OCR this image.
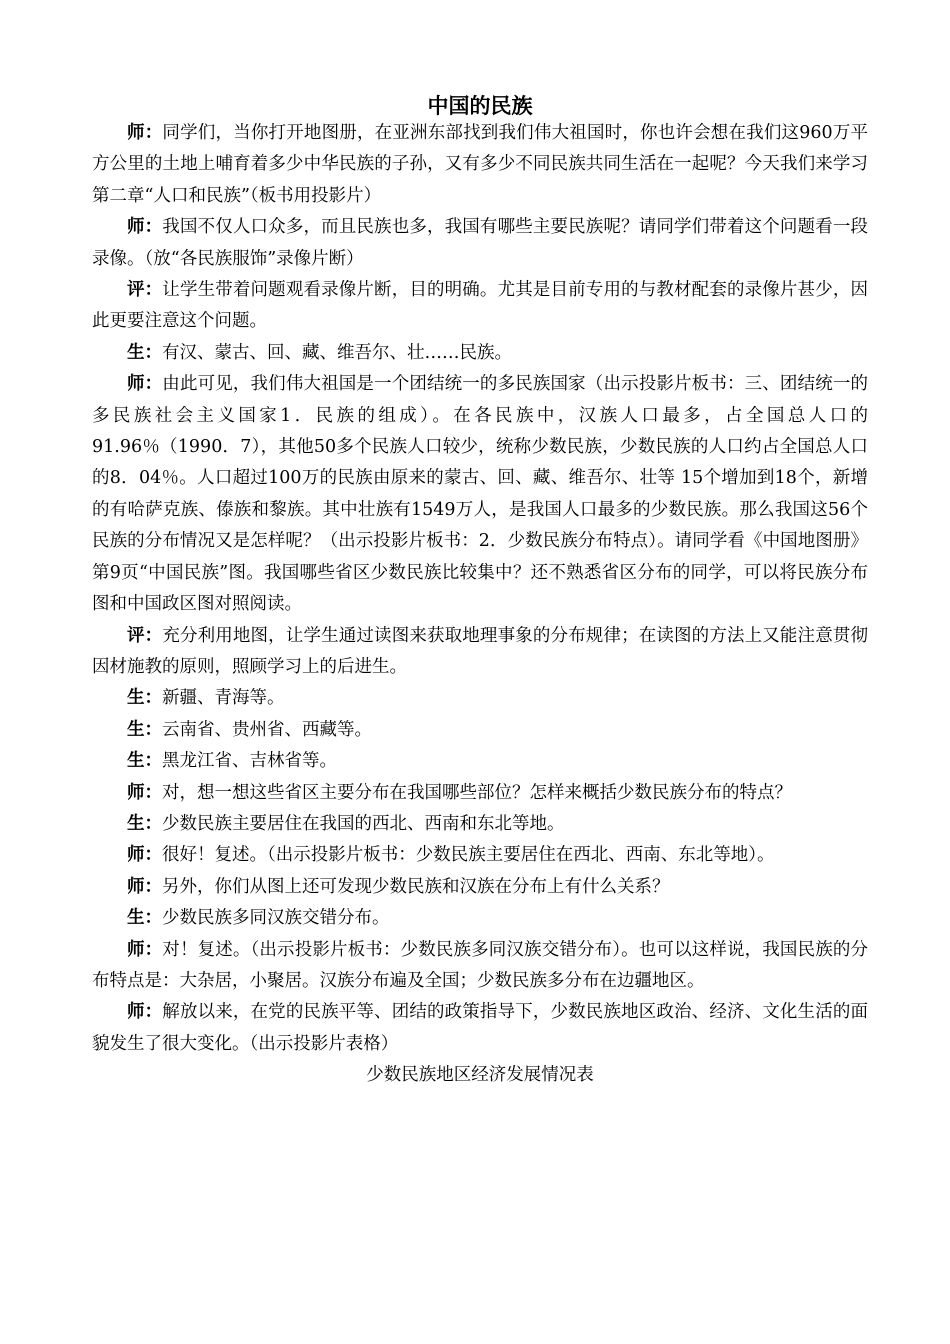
中国的民族

师：同学们，当你打开地图册，在亚洲东部找到我们伟大祖国时，你也许会想在我们这960万平方公里的土地上哺育着多少中华民族的子孙，又有多少不同民族共同生活在一起呢？今天我们来学习第二章“人口和民族”（板书用投影片）

师：我国不仅人口众多，而且民族也多，我国有哪些主要民族呢？请同学们带着这个问题看一段录像。（放“各民族服饰”录像片断）

评：让学生带着问题观看录像片断，目的明确。尤其是目前专用的与教材配套的录像片甚少，因此更要注意这个问题。

生：有汉、蒙古、回、藏、维吾尔、壮……民族。

师：由此可见，我们伟大祖国是一个团结统一的多民族国家（出示投影片板书：三、团结统一的多民族社会主义国家1．民族的组成）。在各民族中，汉族人口最多，占全国总人口的91.96％（1990．7），其他50多个民族人口较少，统称少数民族，少数民族的人口约占全国总人口的8．04％。人口超过100万的民族由原来的蒙古、回、藏、维吾尔、壮等 15个增加到18个，新增的有哈萨克族、傣族和黎族。其中壮族有1549万人，是我国人口最多的少数民族。那么我国这56个民族的分布情况又是怎样呢？（出示投影片板书：2．少数民族分布特点）。请同学看《中国地图册》第9页“中国民族”图。我国哪些省区少数民族比较集中？还不熟悉省区分布的同学，可以将民族分布图和中国政区图对照阅读。

评：充分利用地图，让学生通过读图来获取地理事象的分布规律；在读图的方法上又能注意贯彻因材施教的原则，照顾学习上的后进生。

生：新疆、青海等。

生：云南省、贵州省、西藏等。

生：黑龙江省、吉林省等。

师：对，想一想这些省区主要分布在我国哪些部位？怎样来概括少数民族分布的特点？

生：少数民族主要居住在我国的西北、西南和东北等地。

师：很好！复述。（出示投影片板书：少数民族主要居住在西北、西南、东北等地）。

师：另外，你们从图上还可发现少数民族和汉族在分布上有什么关系？

生：少数民族多同汉族交错分布。

师：对！复述。（出示投影片板书：少数民族多同汉族交错分布）。也可以这样说，我国民族的分布特点是：大杂居，小聚居。汉族分布遍及全国；少数民族多分布在边疆地区。

师：解放以来，在党的民族平等、团结的政策指导下，少数民族地区政治、经济、文化生活的面貌发生了很大变化。（出示投影片表格）

少数民族地区经济发展情况表
